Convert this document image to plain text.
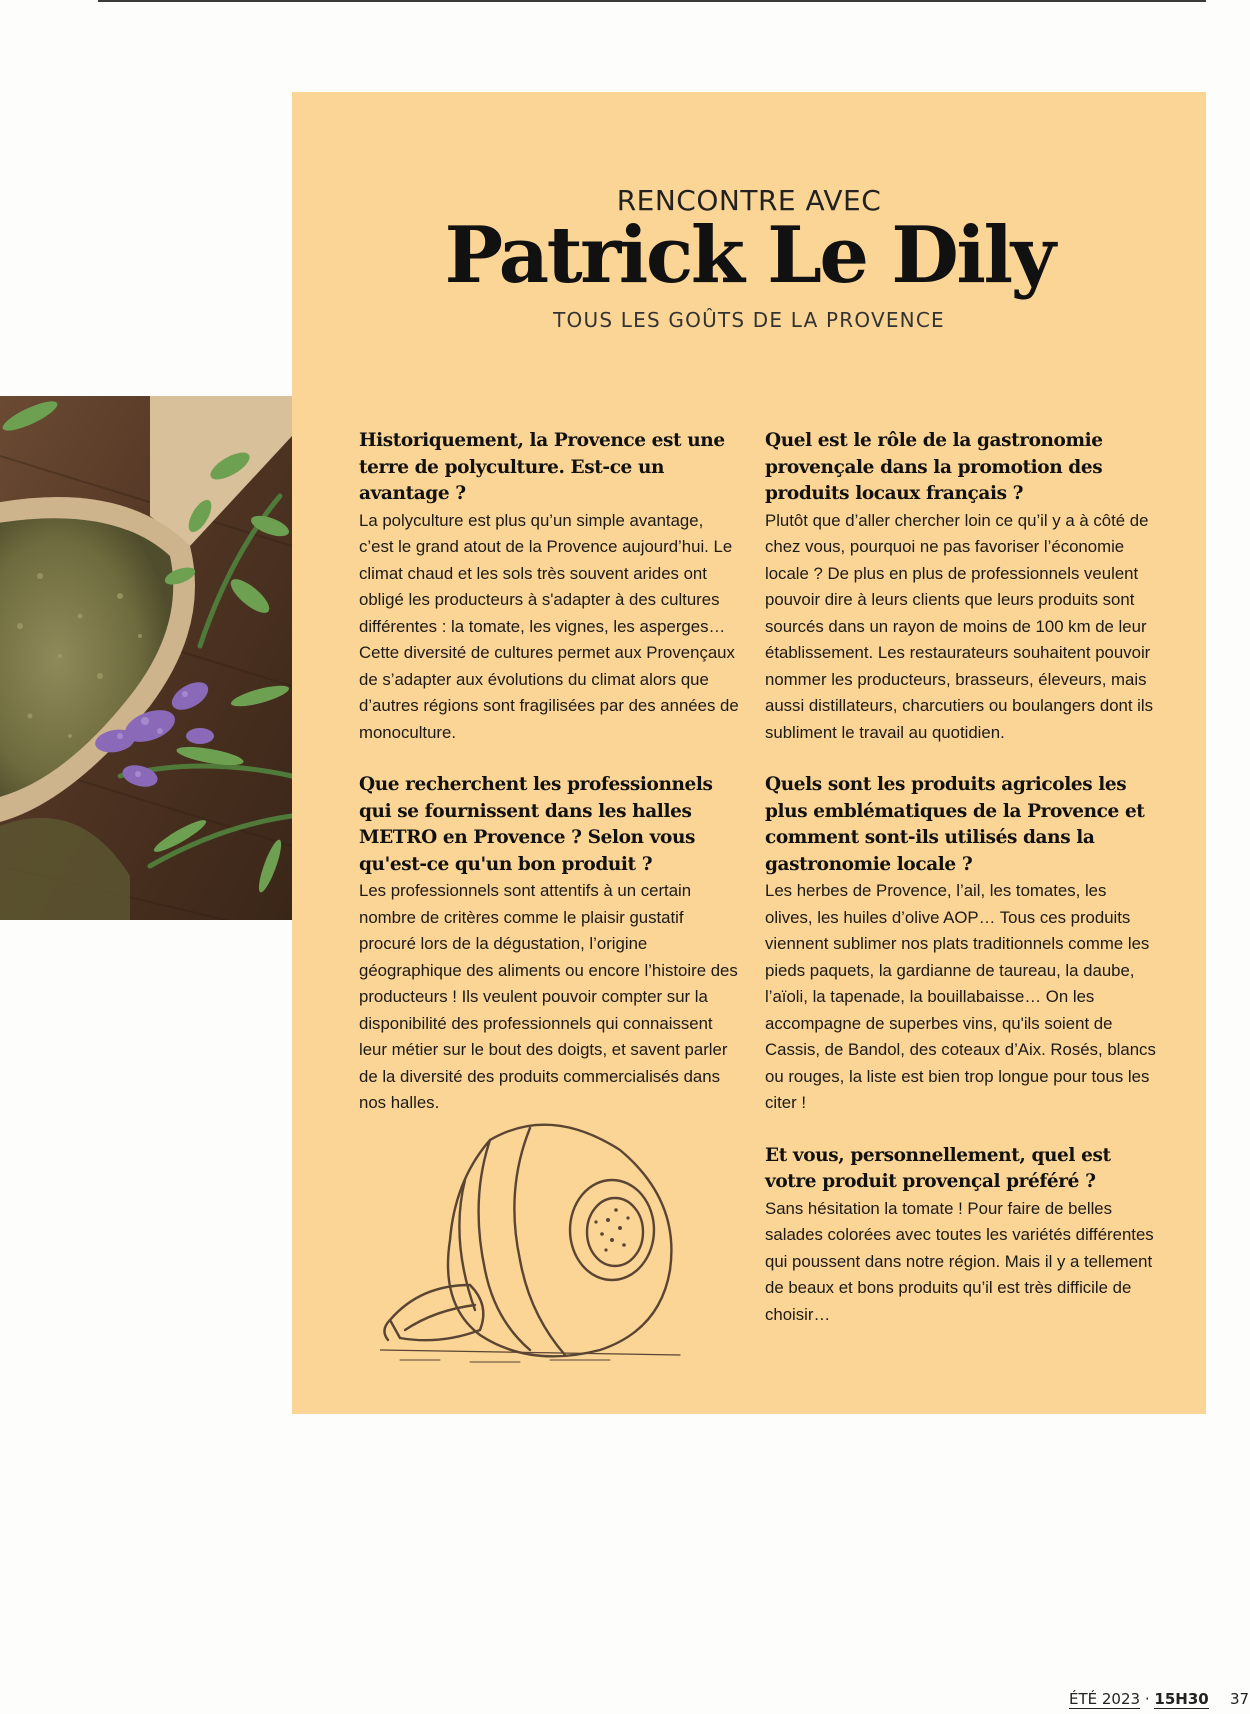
RENCONTRE AVEC
Patrick Le Dily
TOUS LES GOÛTS DE LA PROVENCE

Historiquement, la Provence est une terre de polyculture. Est-ce un avantage ?

La polyculture est plus qu’un simple avantage, c’est le grand atout de la Provence aujourd’hui. Le climat chaud et les sols très souvent arides ont obligé les producteurs à s'adapter à des cultures différentes : la tomate, les vignes, les asperges… Cette diversité de cultures permet aux Provençaux de s’adapter aux évolutions du climat alors que d’autres régions sont fragilisées par des années de monoculture.

Que recherchent les professionnels qui se fournissent dans les halles METRO en Provence ? Selon vous qu'est-ce qu'un bon produit ?

Les professionnels sont attentifs à un certain nombre de critères comme le plaisir gustatif procuré lors de la dégustation, l’origine géographique des aliments ou encore l’histoire des producteurs ! Ils veulent pouvoir compter sur la disponibilité des professionnels qui connaissent leur métier sur le bout des doigts, et savent parler de la diversité des produits commercialisés dans nos halles.

Quel est le rôle de la gastronomie provençale dans la promotion des produits locaux français ?

Plutôt que d’aller chercher loin ce qu’il y a à côté de chez vous, pourquoi ne pas favoriser l’économie locale ? De plus en plus de professionnels veulent pouvoir dire à leurs clients que leurs produits sont sourcés dans un rayon de moins de 100 km de leur établissement. Les restaurateurs souhaitent pouvoir nommer les producteurs, brasseurs, éleveurs, mais aussi distillateurs, charcutiers ou boulangers dont ils subliment le travail au quotidien.

Quels sont les produits agricoles les plus emblématiques de la Provence et comment sont-ils utilisés dans la gastronomie locale ?

Les herbes de Provence, l’ail, les tomates, les olives, les huiles d’olive AOP… Tous ces produits viennent sublimer nos plats traditionnels comme les pieds paquets, la gardianne de taureau, la daube, l’aïoli, la tapenade, la bouillabaisse… On les accompagne de superbes vins, qu'ils soient de Cassis, de Bandol, des coteaux d’Aix. Rosés, blancs ou rouges, la liste est bien trop longue pour tous les citer !

Et vous, personnellement, quel est votre produit provençal préféré ?

Sans hésitation la tomate ! Pour faire de belles salades colorées avec toutes les variétés différentes qui poussent dans notre région. Mais il y a tellement de beaux et bons produits qu’il est très difficile de choisir…

ÉTÉ 2023 · 15H30 37
